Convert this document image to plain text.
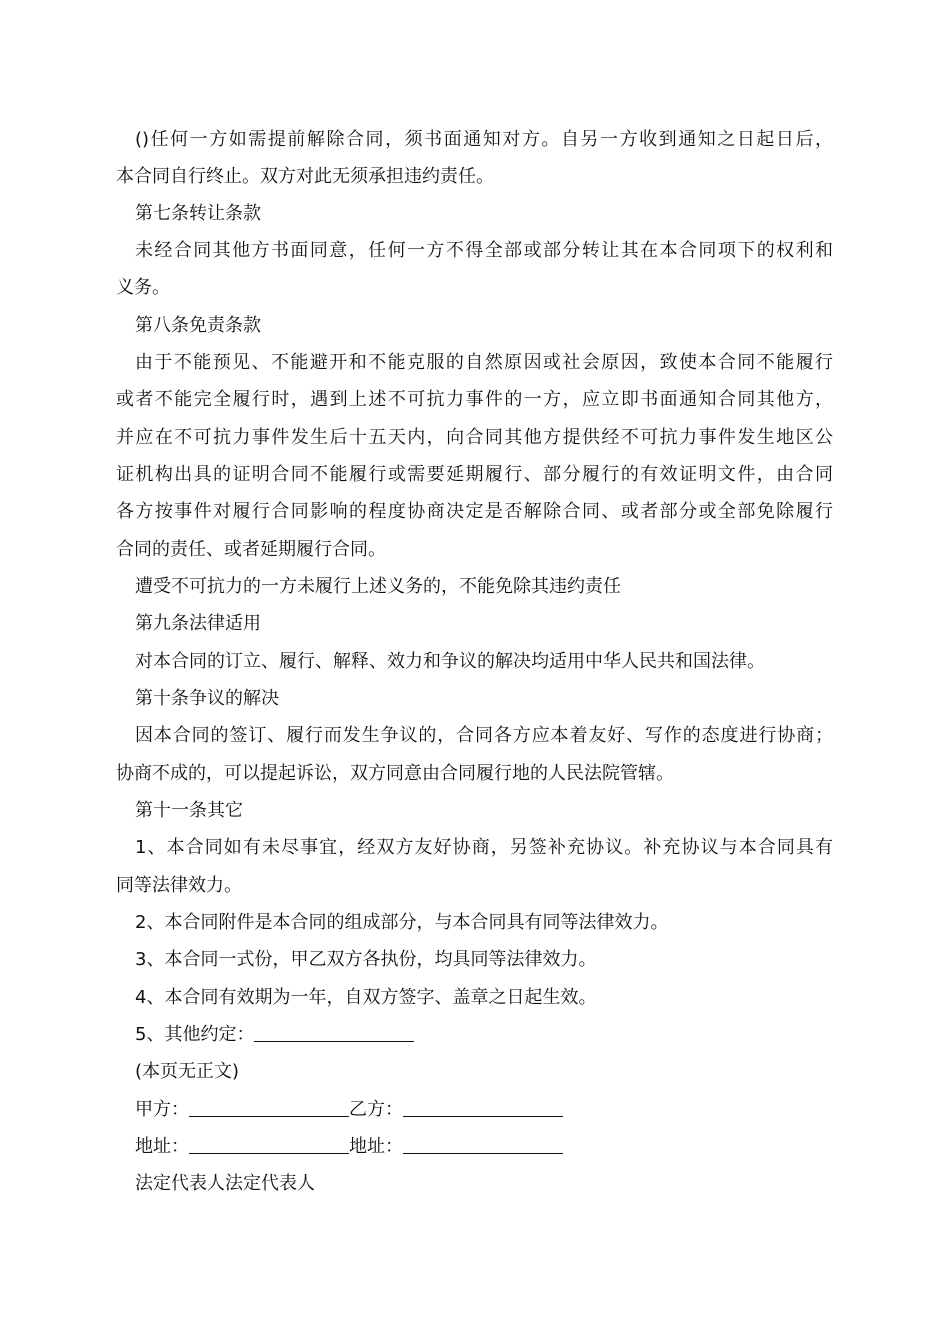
()任何一方如需提前解除合同，须书面通知对方。自另一方收到通知之日起日后，

本合同自行终止。双方对此无须承担违约责任。

第七条转让条款

未经合同其他方书面同意，任何一方不得全部或部分转让其在本合同项下的权利和

义务。

第八条免责条款

由于不能预见、不能避开和不能克服的自然原因或社会原因，致使本合同不能履行

或者不能完全履行时，遇到上述不可抗力事件的一方，应立即书面通知合同其他方，

并应在不可抗力事件发生后十五天内，向合同其他方提供经不可抗力事件发生地区公

证机构出具的证明合同不能履行或需要延期履行、部分履行的有效证明文件，由合同

各方按事件对履行合同影响的程度协商决定是否解除合同、或者部分或全部免除履行

合同的责任、或者延期履行合同。

遭受不可抗力的一方未履行上述义务的，不能免除其违约责任

第九条法律适用

对本合同的订立、履行、解释、效力和争议的解决均适用中华人民共和国法律。

第十条争议的解决

因本合同的签订、履行而发生争议的，合同各方应本着友好、写作的态度进行协商；

协商不成的，可以提起诉讼，双方同意由合同履行地的人民法院管辖。

第十一条其它

1、本合同如有未尽事宜，经双方友好协商，另签补充协议。补充协议与本合同具有

同等法律效力。

2、本合同附件是本合同的组成部分，与本合同具有同等法律效力。

3、本合同一式份，甲乙双方各执份，均具同等法律效力。

4、本合同有效期为一年，自双方签字、盖章之日起生效。

5、其他约定：

(本页无正文)

甲方：	乙方：

地址：	地址：

法定代表人法定代表人
